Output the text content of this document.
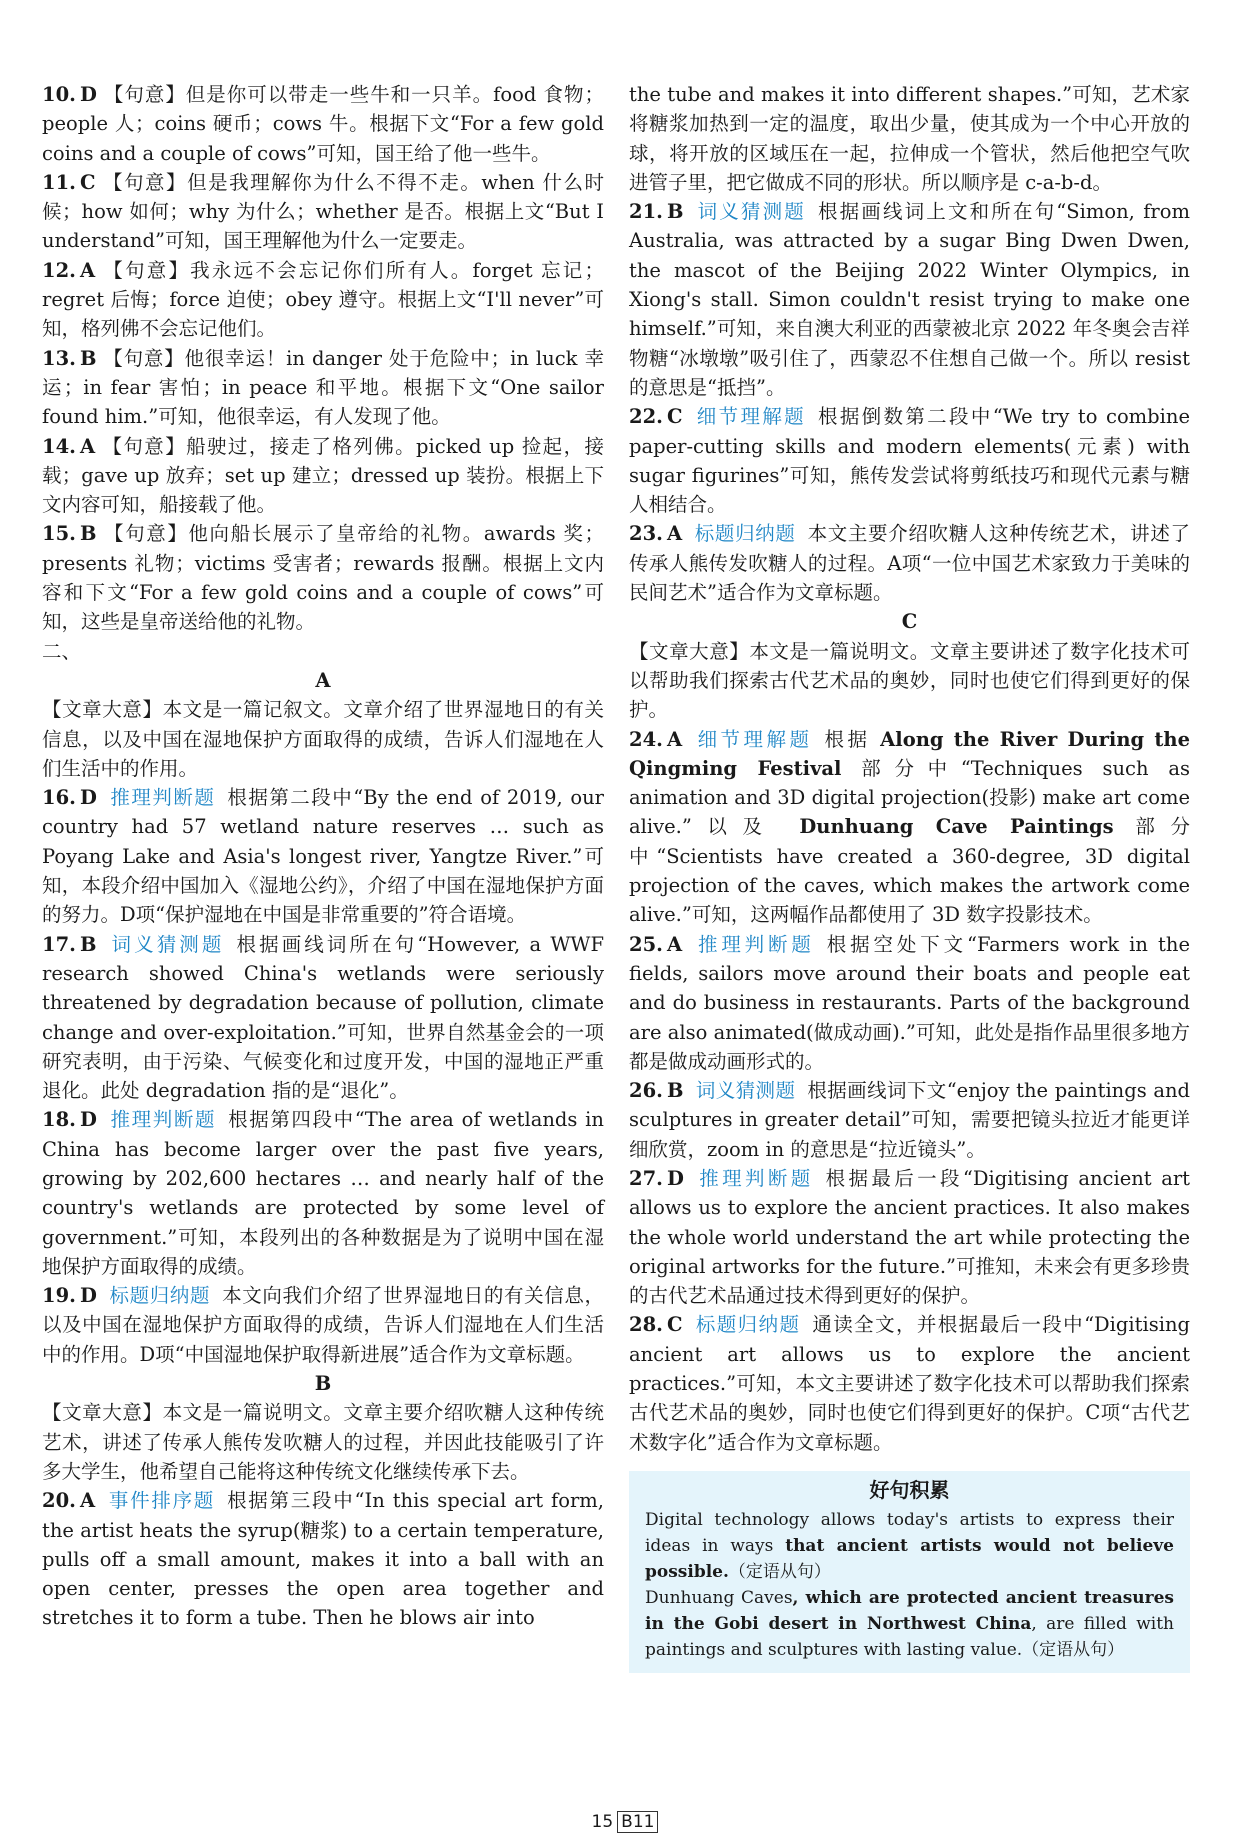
10. D 【句意】但是你可以带走一些牛和一只羊。food 食物；people 人；coins 硬币；cows 牛。根据下文“For a few gold coins and a couple of cows”可知，国王给了他一些牛。

11. C 【句意】但是我理解你为什么不得不走。when 什么时候；how 如何；why 为什么；whether 是否。根据上文“But I understand”可知，国王理解他为什么一定要走。

12. A 【句意】我永远不会忘记你们所有人。forget 忘记；regret 后悔；force 迫使；obey 遵守。根据上文“I'll never”可知，格列佛不会忘记他们。

13. B 【句意】他很幸运！in danger 处于危险中；in luck 幸运；in fear 害怕；in peace 和平地。根据下文“One sailor found him.”可知，他很幸运，有人发现了他。

14. A 【句意】船驶过，接走了格列佛。picked up 捡起，接载；gave up 放弃；set up 建立；dressed up 装扮。根据上下文内容可知，船接载了他。

15. B 【句意】他向船长展示了皇帝给的礼物。awards 奖；presents 礼物；victims 受害者；rewards 报酬。根据上文内容和下文“For a few gold coins and a couple of cows”可知，这些是皇帝送给他的礼物。

二、

A

【文章大意】本文是一篇记叙文。文章介绍了世界湿地日的有关信息，以及中国在湿地保护方面取得的成绩，告诉人们湿地在人们生活中的作用。

16. D 推理判断题 根据第二段中“By the end of 2019, our country had 57 wetland nature reserves … such as Poyang Lake and Asia's longest river, Yangtze River.”可知，本段介绍中国加入《湿地公约》，介绍了中国在湿地保护方面的努力。D项“保护湿地在中国是非常重要的”符合语境。

17. B 词义猜测题 根据画线词所在句“However, a WWF research showed China's wetlands were seriously threatened by degradation because of pollution, climate change and over-exploitation.”可知，世界自然基金会的一项研究表明，由于污染、气候变化和过度开发，中国的湿地正严重退化。此处 degradation 指的是“退化”。

18. D 推理判断题 根据第四段中“The area of wetlands in China has become larger over the past five years, growing by 202,600 hectares … and nearly half of the country's wetlands are protected by some level of government.”可知，本段列出的各种数据是为了说明中国在湿地保护方面取得的成绩。

19. D 标题归纳题 本文向我们介绍了世界湿地日的有关信息，以及中国在湿地保护方面取得的成绩，告诉人们湿地在人们生活中的作用。D项“中国湿地保护取得新进展”适合作为文章标题。

B

【文章大意】本文是一篇说明文。文章主要介绍吹糖人这种传统艺术，讲述了传承人熊传发吹糖人的过程，并因此技能吸引了许多大学生，他希望自己能将这种传统文化继续传承下去。

20. A 事件排序题 根据第三段中“In this special art form, the artist heats the syrup(糖浆) to a certain temperature, pulls off a small amount, makes it into a ball with an open center, presses the open area together and stretches it to form a tube. Then he blows air into

the tube and makes it into different shapes.”可知，艺术家将糖浆加热到一定的温度，取出少量，使其成为一个中心开放的球，将开放的区域压在一起，拉伸成一个管状，然后他把空气吹进管子里，把它做成不同的形状。所以顺序是 c-a-b-d。

21. B 词义猜测题 根据画线词上文和所在句“Simon, from Australia, was attracted by a sugar Bing Dwen Dwen, the mascot of the Beijing 2022 Winter Olympics, in Xiong's stall. Simon couldn't resist trying to make one himself.”可知，来自澳大利亚的西蒙被北京 2022 年冬奥会吉祥物糖“冰墩墩”吸引住了，西蒙忍不住想自己做一个。所以 resist 的意思是“抵挡”。

22. C 细节理解题 根据倒数第二段中“We try to combine paper-cutting skills and modern elements(元素) with sugar figurines”可知，熊传发尝试将剪纸技巧和现代元素与糖人相结合。

23. A 标题归纳题 本文主要介绍吹糖人这种传统艺术，讲述了传承人熊传发吹糖人的过程。A项“一位中国艺术家致力于美味的民间艺术”适合作为文章标题。

C

【文章大意】本文是一篇说明文。文章主要讲述了数字化技术可以帮助我们探索古代艺术品的奥妙，同时也使它们得到更好的保护。

24. A 细节理解题 根据 Along the River During the Qingming Festival 部分中“Techniques such as animation and 3D digital projection(投影) make art come alive.”以及 Dunhuang Cave Paintings 部分中“Scientists have created a 360-degree, 3D digital projection of the caves, which makes the artwork come alive.”可知，这两幅作品都使用了 3D 数字投影技术。

25. A 推理判断题 根据空处下文“Farmers work in the fields, sailors move around their boats and people eat and do business in restaurants. Parts of the background are also animated(做成动画).”可知，此处是指作品里很多地方都是做成动画形式的。

26. B 词义猜测题 根据画线词下文“enjoy the paintings and sculptures in greater detail”可知，需要把镜头拉近才能更详细欣赏，zoom in 的意思是“拉近镜头”。

27. D 推理判断题 根据最后一段“Digitising ancient art allows us to explore the ancient practices. It also makes the whole world understand the art while protecting the original artworks for the future.”可推知，未来会有更多珍贵的古代艺术品通过技术得到更好的保护。

28. C 标题归纳题 通读全文，并根据最后一段中“Digitising ancient art allows us to explore the ancient practices.”可知，本文主要讲述了数字化技术可以帮助我们探索古代艺术品的奥妙，同时也使它们得到更好的保护。C项“古代艺术数字化”适合作为文章标题。

好句积累

Digital technology allows today's artists to express their ideas in ways that ancient artists would not believe possible.（定语从句）

Dunhuang Caves, which are protected ancient treasures in the Gobi desert in Northwest China, are filled with paintings and sculptures with lasting value.（定语从句）

15 B11
